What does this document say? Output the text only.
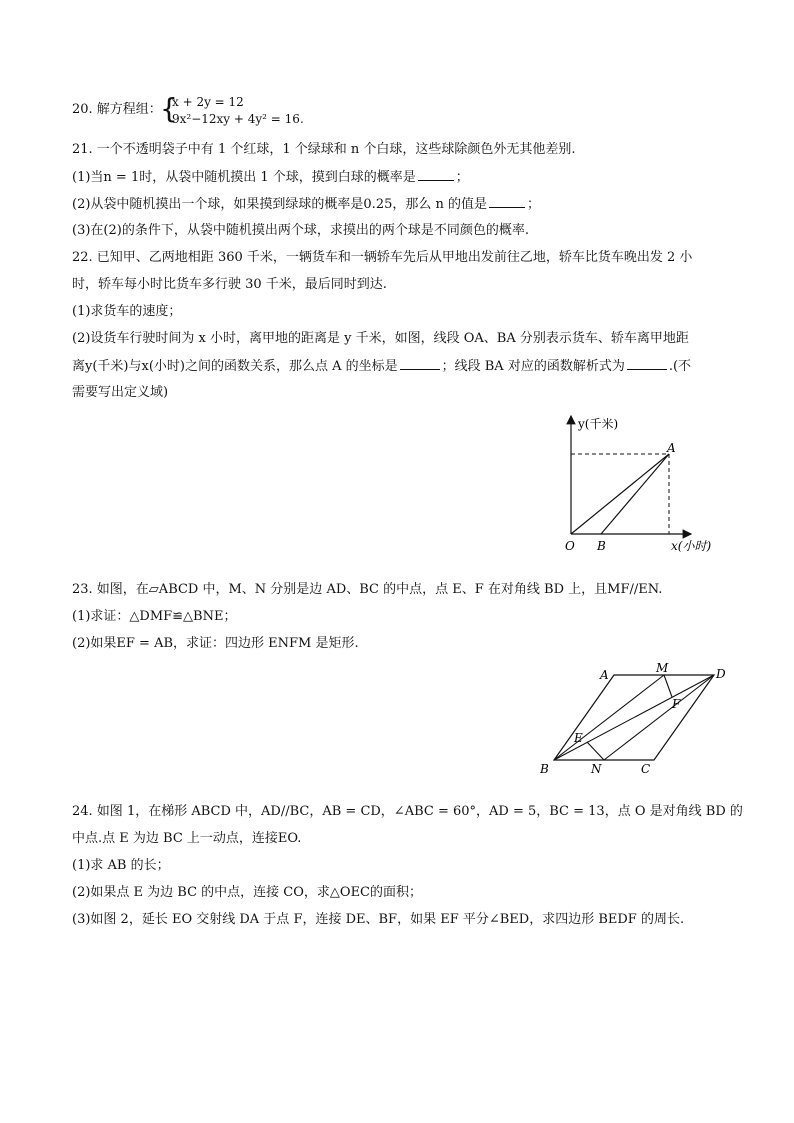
20. 解方程组：
{
x + 2y = 12
9x²−12xy + 4y² = 16.
21. 一个不透明袋子中有 1 个红球，1 个绿球和 n 个白球，这些球除颜色外无其他差别.
(1)当n = 1时，从袋中随机摸出 1 个球，摸到白球的概率是	；
(2)从袋中随机摸出一个球，如果摸到绿球的概率是0.25，那么 n 的值是	；
(3)在(2)的条件下，从袋中随机摸出两个球，求摸出的两个球是不同颜色的概率.
22. 已知甲、乙两地相距 360 千米，一辆货车和一辆轿车先后从甲地出发前往乙地，轿车比货车晚出发 2 小
时，轿车每小时比货车多行驶 30 千米，最后同时到达.
(1)求货车的速度；
(2)设货车行驶时间为 x 小时，离甲地的距离是 y 千米，如图，线段 OA、BA 分别表示货车、轿车离甲地距
离y(千米)与x(小时)之间的函数关系，那么点 A 的坐标是	；线段 BA 对应的函数解析式为	.(不
需要写出定义域)
y(千米)
x(小时)
O B
A
23. 如图，在▱ABCD 中，M、N 分别是边 AD、BC 的中点，点 E、F 在对角线 BD 上，且MF//EN.
(1)求证：△DMF≌△BNE；
(2)如果EF = AB，求证：四边形 ENFM 是矩形.
A	M	D
F
E
B	N	C
24. 如图 1，在梯形 ABCD 中，AD//BC，AB = CD，∠ABC = 60°，AD = 5，BC = 13，点 O 是对角线 BD 的
中点.点 E 为边 BC 上一动点，连接EO.
(1)求 AB 的长；
(2)如果点 E 为边 BC 的中点，连接 CO，求△OEC的面积；
(3)如图 2，延长 EO 交射线 DA 于点 F，连接 DE、BF，如果 EF 平分∠BED，求四边形 BEDF 的周长.
